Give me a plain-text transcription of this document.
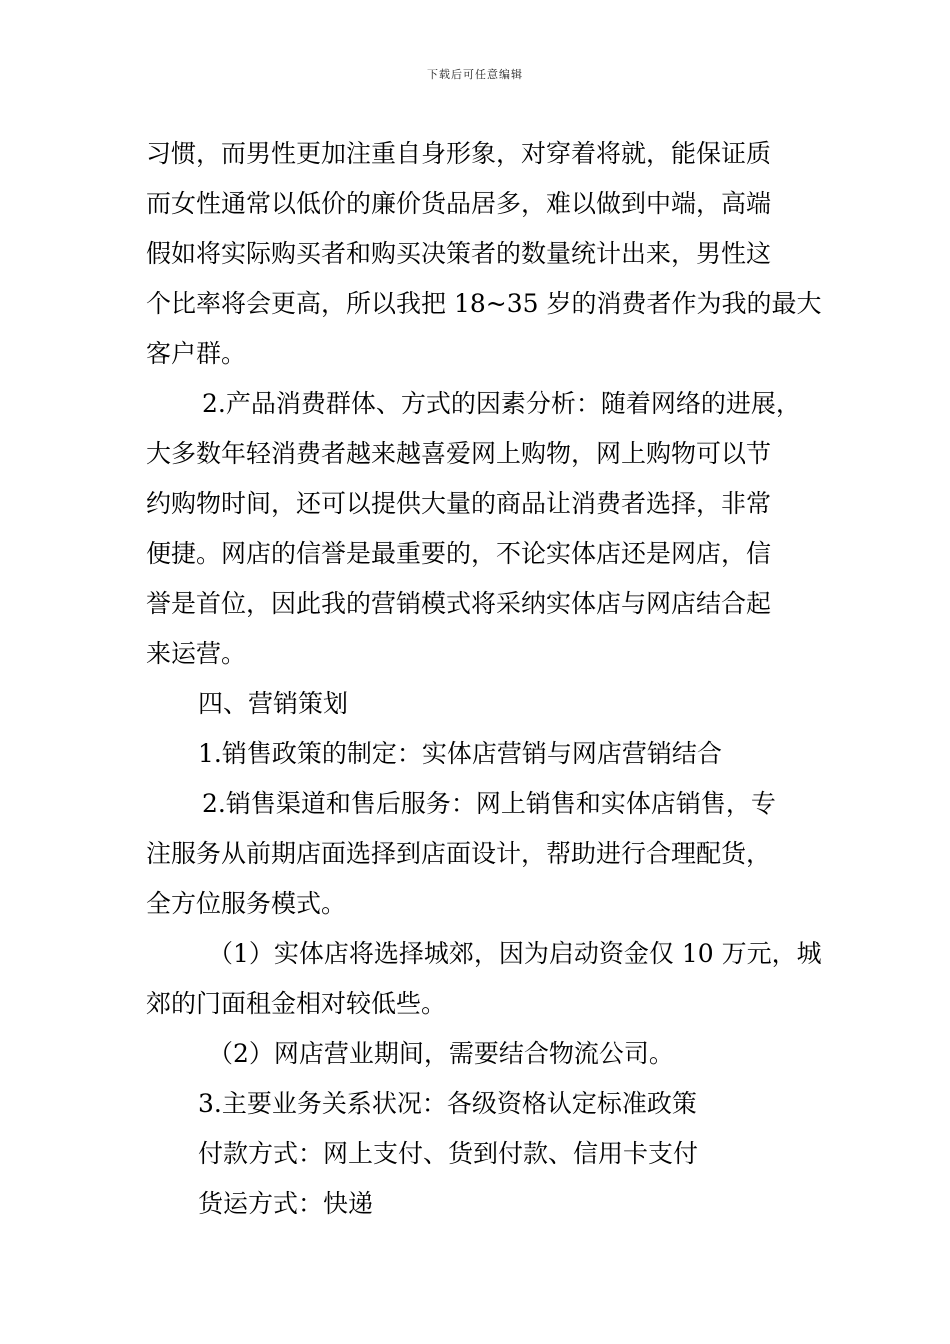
下载后可任意编辑
习惯，而男性更加注重自身形象，对穿着将就，能保证质
而女性通常以低价的廉价货品居多，难以做到中端，高端
假如将实际购买者和购买决策者的数量统计出来，男性这
个比率将会更高，所以我把 18~35 岁的消费者作为我的最大
客户群。
2.产品消费群体、方式的因素分析：随着网络的进展，
大多数年轻消费者越来越喜爱网上购物，网上购物可以节
约购物时间，还可以提供大量的商品让消费者选择，非常
便捷。网店的信誉是最重要的，不论实体店还是网店，信
誉是首位，因此我的营销模式将采纳实体店与网店结合起
来运营。
四、营销策划
1.销售政策的制定：实体店营销与网店营销结合
2.销售渠道和售后服务：网上销售和实体店销售，专
注服务从前期店面选择到店面设计，帮助进行合理配货，
全方位服务模式。
（1）实体店将选择城郊，因为启动资金仅 10 万元，城
郊的门面租金相对较低些。
（2）网店营业期间，需要结合物流公司。
3.主要业务关系状况：各级资格认定标准政策
付款方式：网上支付、货到付款、信用卡支付
货运方式：快递
